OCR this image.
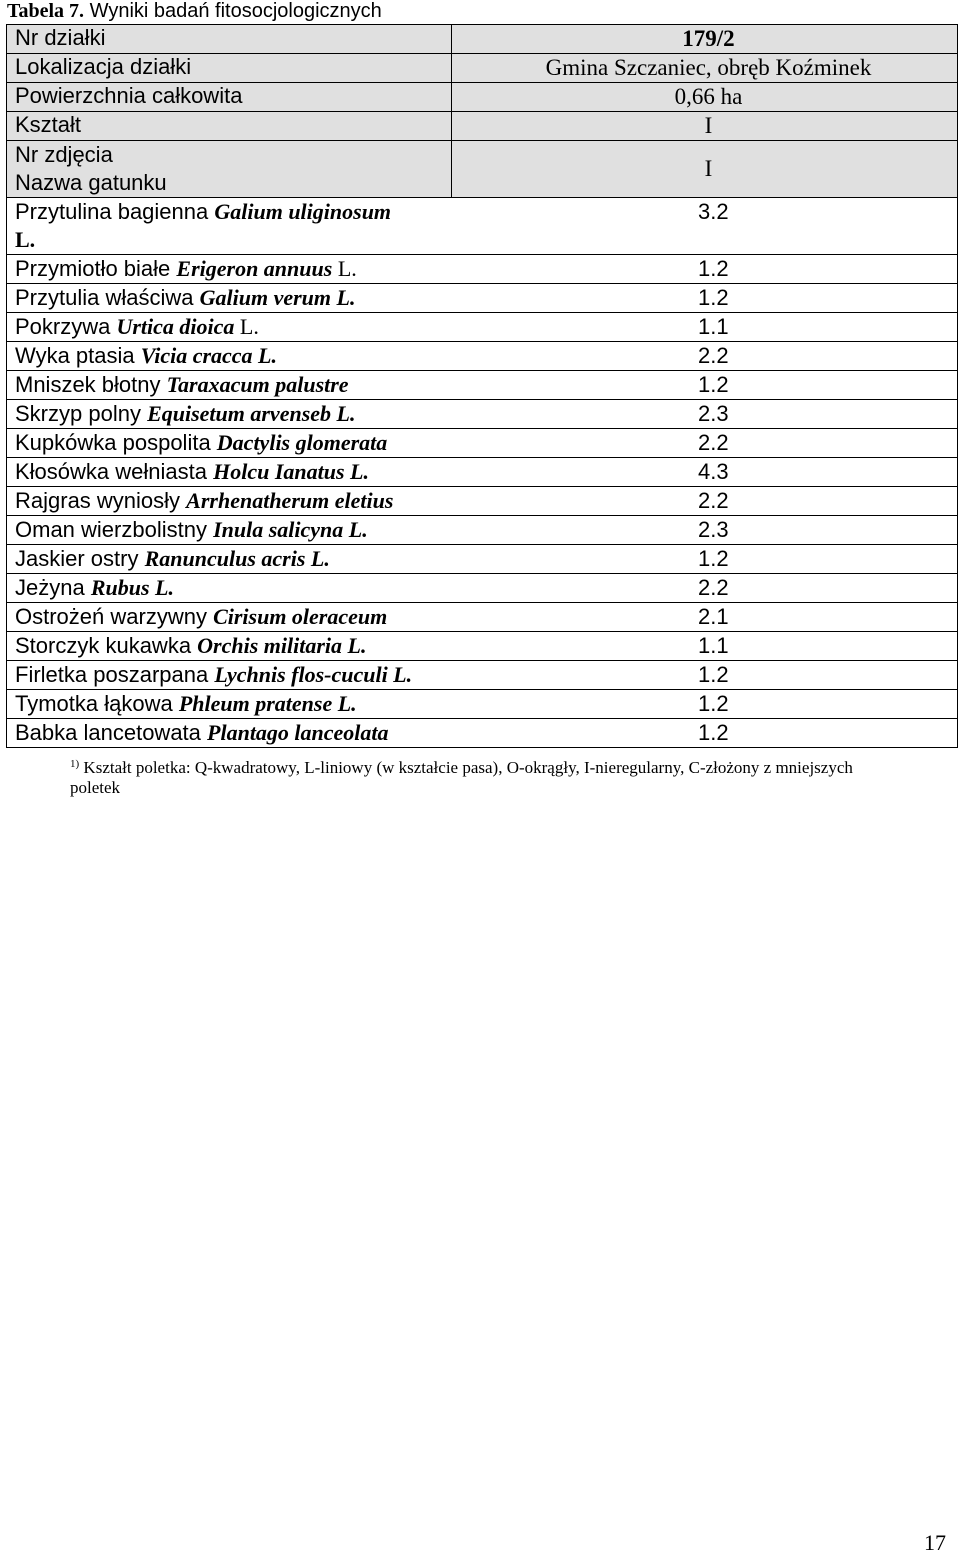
Tabela 7. Wyniki badań fitosocjologicznych
Nr działki	179/2
Lokalizacja działki	Gmina Szczaniec, obręb Koźminek
Powierzchnia całkowita	0,66 ha
Kształt	I

Nr zdjęcia
Nazwa gatunku	I

Przytulina bagienna Galium uliginosum
L.
3.2	

Przymiotło białe Erigeron annuus L. 1.2	

Przytulia właściwa Galium verum L. 1.2	

Pokrzywa Urtica dioica L. 1.1	

Wyka ptasia Vicia cracca L. 2.2	

Mniszek błotny Taraxacum palustre 1.2	

Skrzyp polny Equisetum arvenseb L. 2.3	

Kupkówka pospolita Dactylis glomerata 2.2	

Kłosówka wełniasta Holcu Ianatus L. 4.3	

Rajgras wyniosły Arrhenatherum eletius 2.2	

Oman wierzbolistny Inula salicyna L. 2.3	

Jaskier ostry Ranunculus acris L. 1.2	

Jeżyna Rubus L. 2.2	

Ostrożeń warzywny Cirisum oleraceum 2.1	

Storczyk kukawka Orchis militaria L. 1.1	

Firletka poszarpana Lychnis flos-cuculi L. 1.2	

Tymotka łąkowa Phleum pratense L. 1.2	

Babka lancetowata Plantago lanceolata 1.2	
$^{1)}$ Kształt poletka: Q-kwadratowy, L-liniowy (w kształcie pasa), O-okrągły, I-nieregularny, C-złożony z mniejszych poletek
17
